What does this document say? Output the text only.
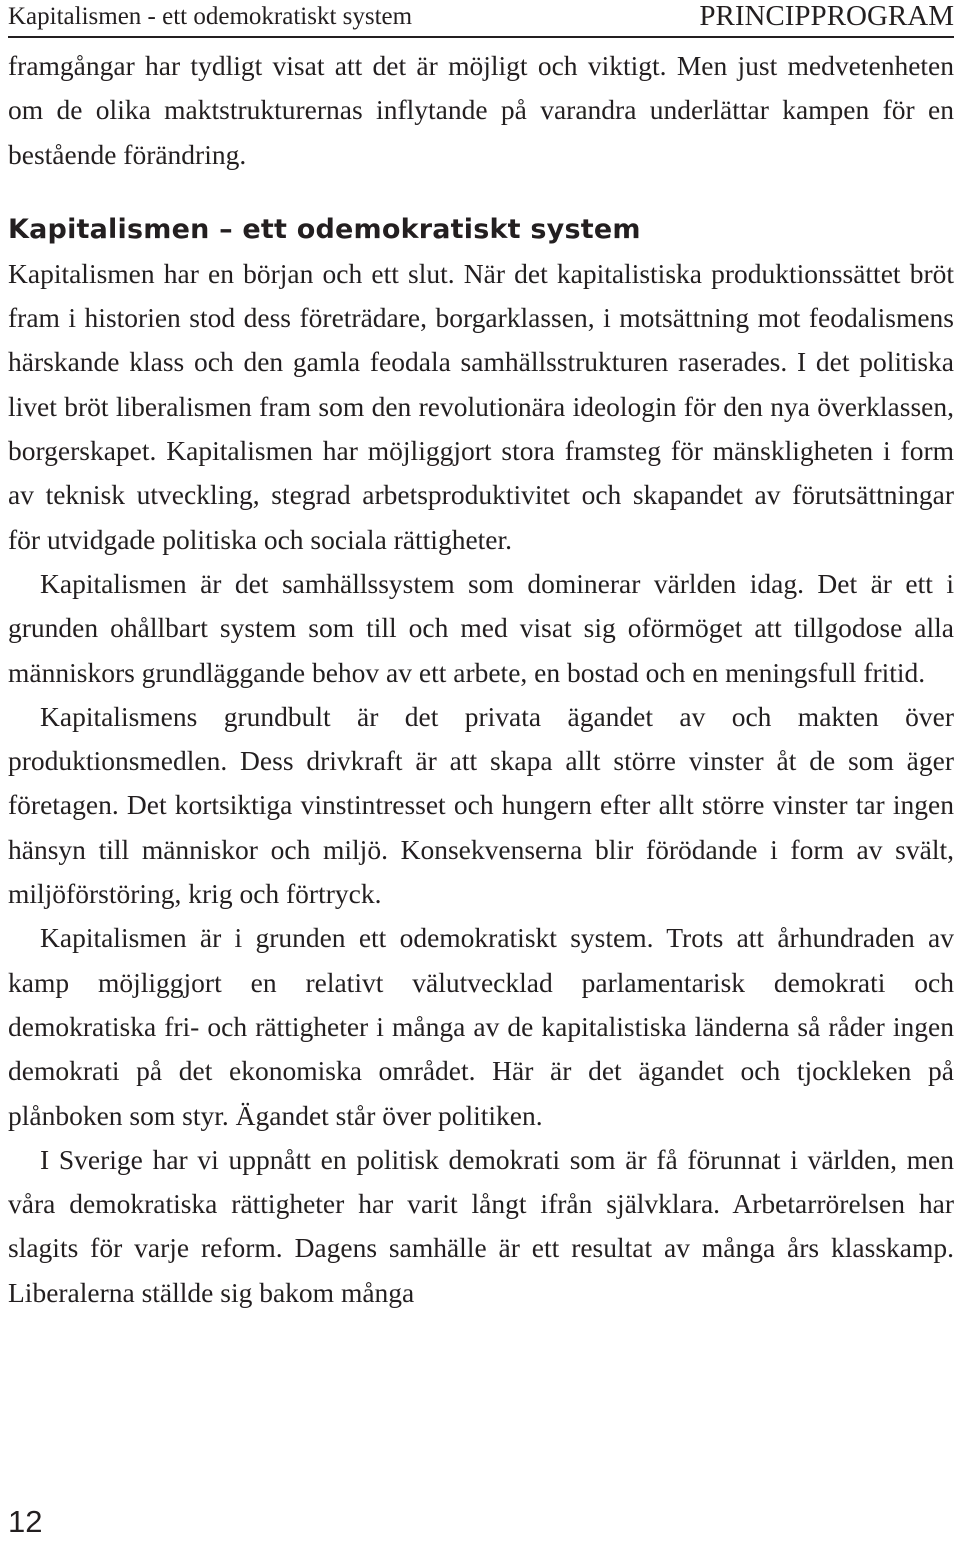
Kapitalismen - ett odemokratiskt system	PRINCIPPROGRAM

framgångar har tydligt visat att det är möjligt och viktigt. Men just medvetenheten om de olika maktstrukturernas inflytande på varandra underlättar kampen för en bestående förändring.

Kapitalismen – ett odemokratiskt system

Kapitalismen har en början och ett slut. När det kapitalistiska produktionssättet bröt fram i historien stod dess företrädare, borgarklassen, i motsättning mot feodalismens härskande klass och den gamla feodala samhällsstrukturen raserades. I det politiska livet bröt liberalismen fram som den revolutionära ideologin för den nya överklassen, borgerskapet. Kapitalismen har möjliggjort stora framsteg för mänskligheten i form av teknisk utveckling, stegrad arbetsproduktivitet och skapandet av förutsättningar för utvidgade politiska och sociala rättigheter.

Kapitalismen är det samhällssystem som dominerar världen idag. Det är ett i grunden ohållbart system som till och med visat sig oförmöget att tillgodose alla människors grundläggande behov av ett arbete, en bostad och en meningsfull fritid.

Kapitalismens grundbult är det privata ägandet av och makten över produktionsmedlen. Dess drivkraft är att skapa allt större vinster åt de som äger företagen. Det kortsiktiga vinstintresset och hungern efter allt större vinster tar ingen hänsyn till människor och miljö. Konsekvenserna blir förödande i form av svält, miljöförstöring, krig och förtryck.

Kapitalismen är i grunden ett odemokratiskt system. Trots att århundraden av kamp möjliggjort en relativt välutvecklad parlamentarisk demokrati och demokratiska fri- och rättigheter i många av de kapitalistiska länderna så råder ingen demokrati på det ekonomiska området. Här är det ägandet och tjockleken på plånboken som styr. Ägandet står över politiken.

I Sverige har vi uppnått en politisk demokrati som är få förunnat i världen, men våra demokratiska rättigheter har varit långt ifrån självklara. Arbetarrörelsen har slagits för varje reform. Dagens samhälle är ett resultat av många års klasskamp. Liberalerna ställde sig bakom många

12
